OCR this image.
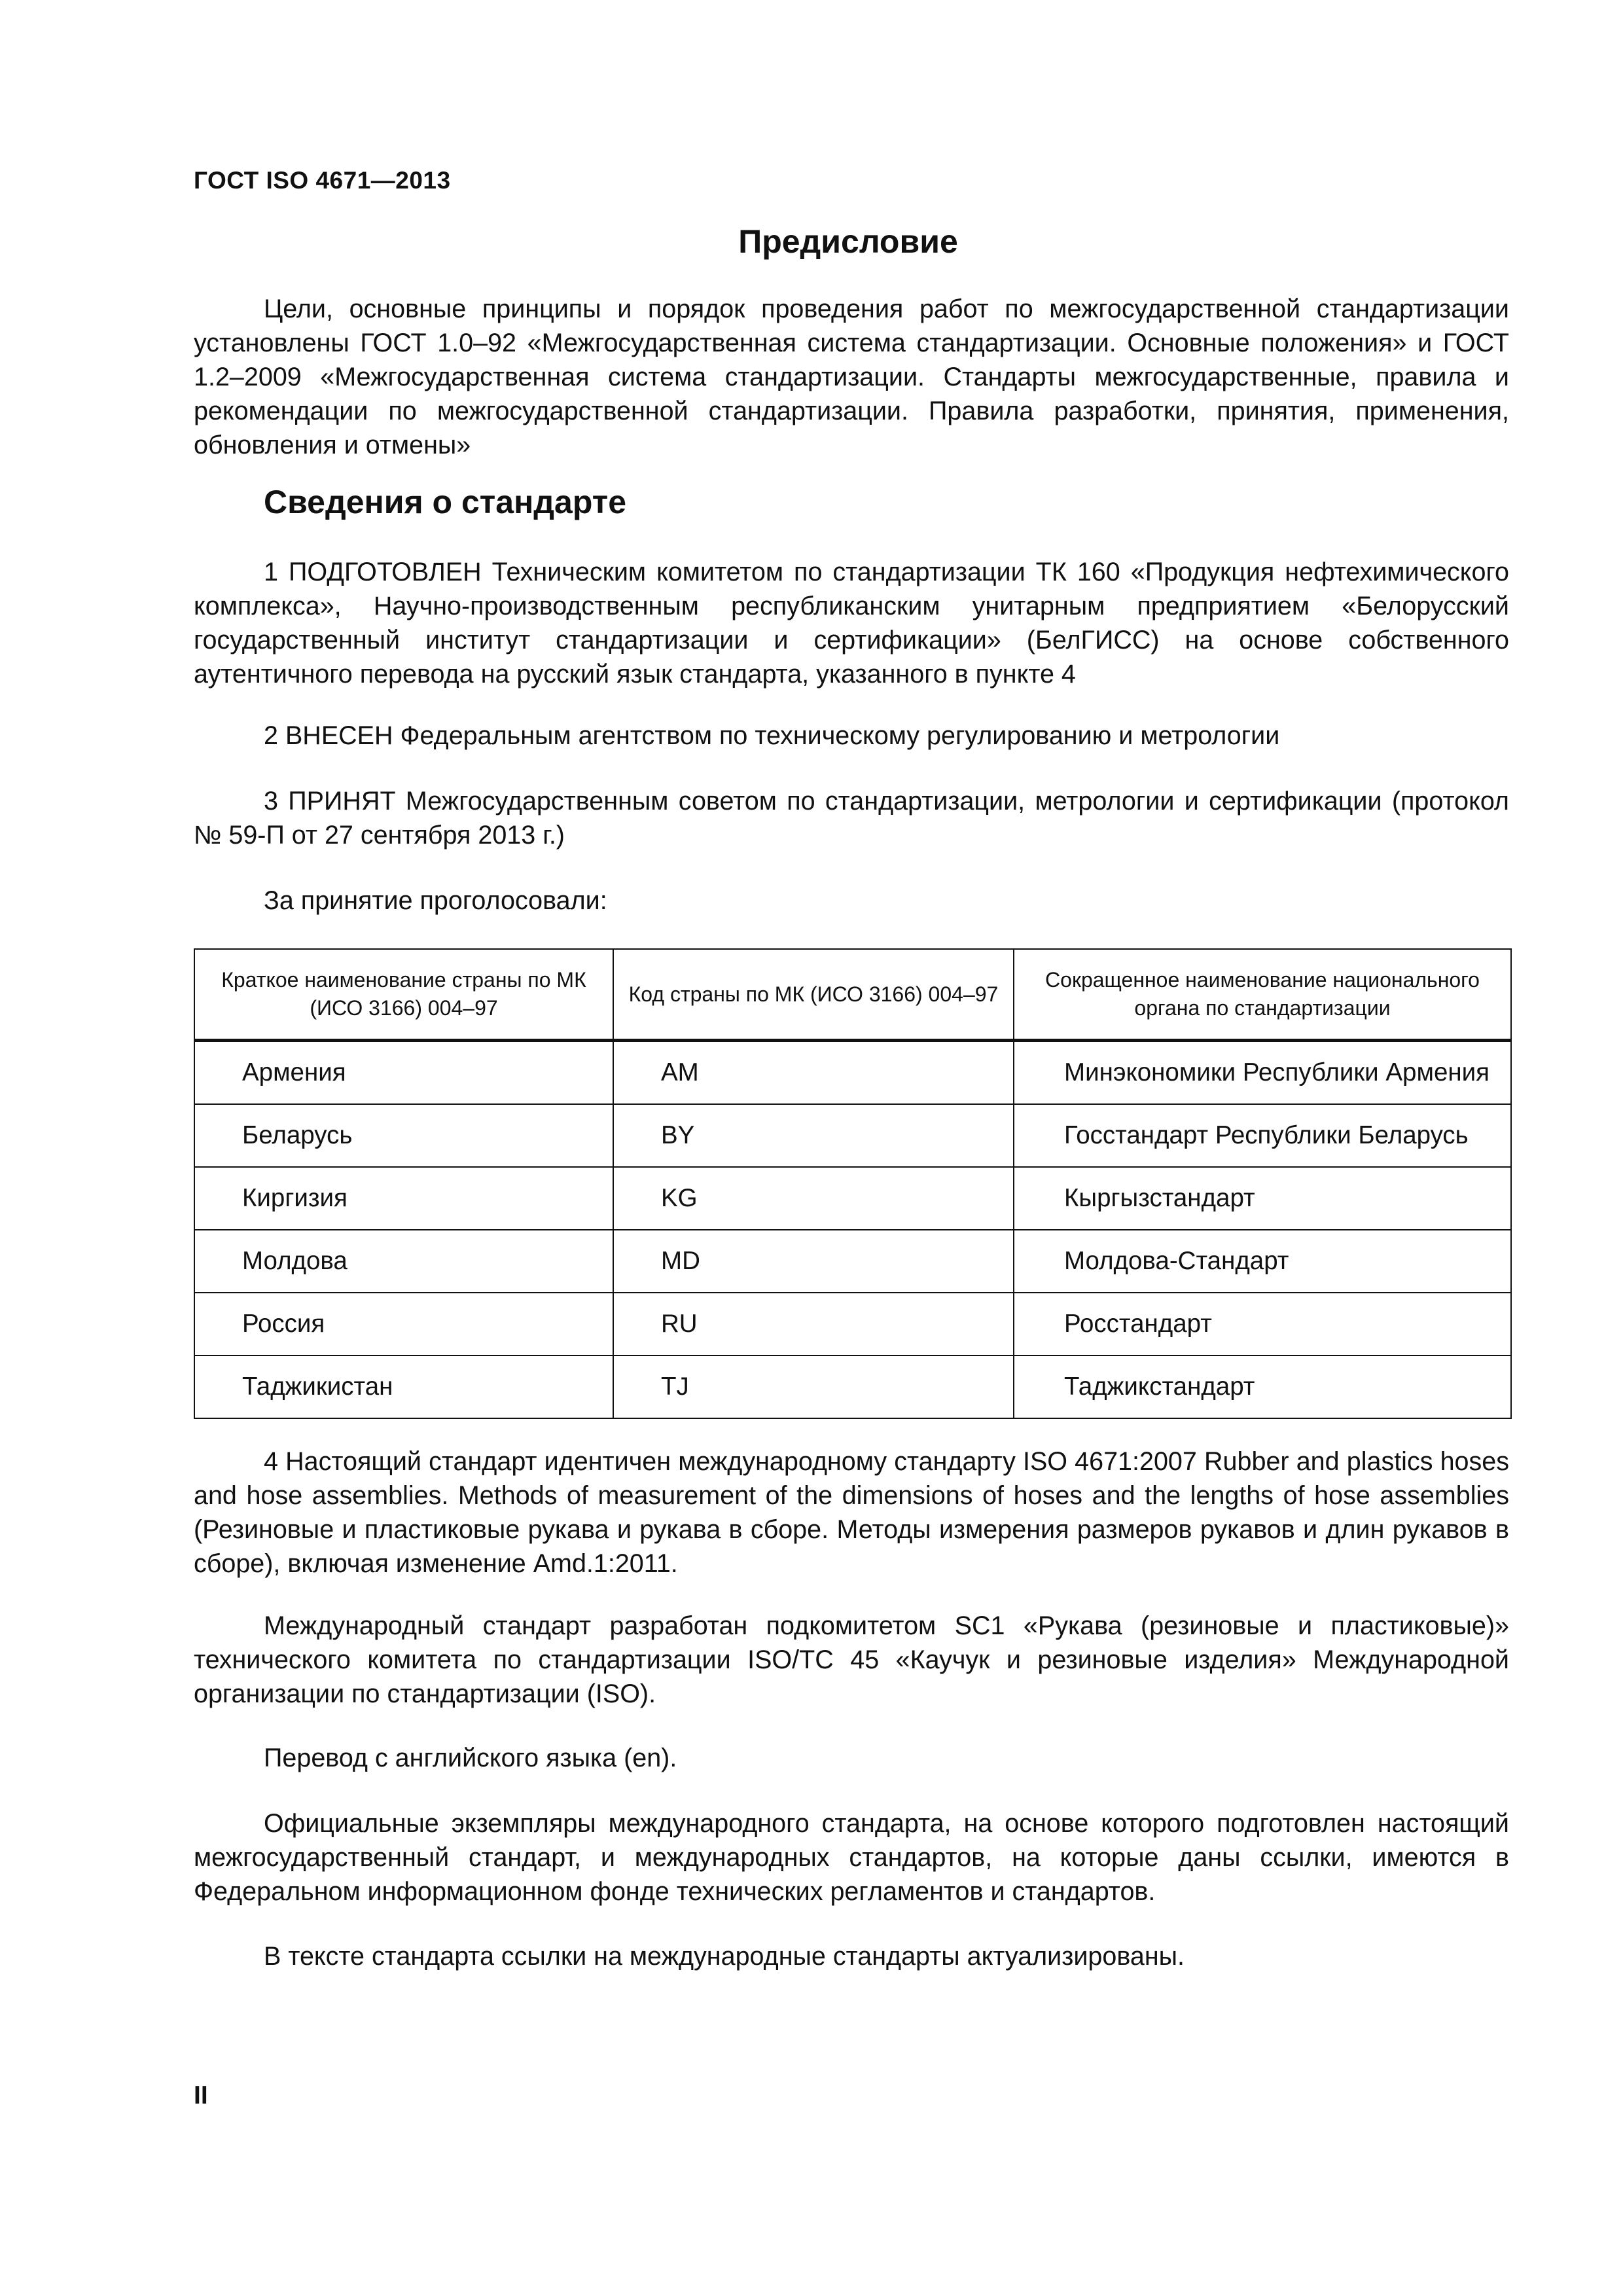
ГОСТ ISO 4671—2013
Предисловие

Цели, основные принципы и порядок проведения работ по межгосударственной стандартизации установлены ГОСТ 1.0–92 «Межгосударственная система стандартизации. Основные положения» и ГОСТ 1.2–2009 «Межгосударственная система стандартизации. Стандарты межгосударственные, правила и рекомендации по межгосударственной стандартизации. Правила разработки, принятия, применения, обновления и отмены»

Сведения о стандарте

1 ПОДГОТОВЛЕН Техническим комитетом по стандартизации ТК 160 «Продукция нефтехимического комплекса», Научно-производственным республиканским унитарным предприятием «Белорусский государственный институт стандартизации и сертификации» (БелГИСС) на основе собственного аутентичного перевода на русский язык стандарта, указанного в пункте 4

2 ВНЕСЕН Федеральным агентством по техническому регулированию и метрологии

3 ПРИНЯТ Межгосударственным советом по стандартизации, метрологии и сертификации (протокол № 59-П от 27 сентября 2013 г.)

За принятие проголосовали:

Краткое наименование страны по МК (ИСО 3166) 004–97	Код страны по МК (ИСО 3166) 004–97	Сокращенное наименование национального органа по стандартизации
Армения	AM	Минэкономики Республики Армения
Беларусь	BY	Госстандарт Республики Беларусь
Киргизия	KG	Кыргызстандарт
Молдова	MD	Молдова-Стандарт
Россия	RU	Росстандарт
Таджикистан	TJ	Таджикстандарт

4 Настоящий стандарт идентичен международному стандарту ISO 4671:2007 Rubber and plastics hoses and hose assemblies. Methods of measurement of the dimensions of hoses and the lengths of hose assemblies (Резиновые и пластиковые рукава и рукава в сборе. Методы измерения размеров рукавов и длин рукавов в сборе), включая изменение Amd.1:2011.

Международный стандарт разработан подкомитетом SC1 «Рукава (резиновые и пластиковые)» технического комитета по стандартизации ISO/TC 45 «Каучук и резиновые изделия» Международной организации по стандартизации (ISO).

Перевод с английского языка (en).

Официальные экземпляры международного стандарта, на основе которого подготовлен настоящий межгосударственный стандарт, и международных стандартов, на которые даны ссылки, имеются в Федеральном информационном фонде технических регламентов и стандартов.

В тексте стандарта ссылки на международные стандарты актуализированы.

II
